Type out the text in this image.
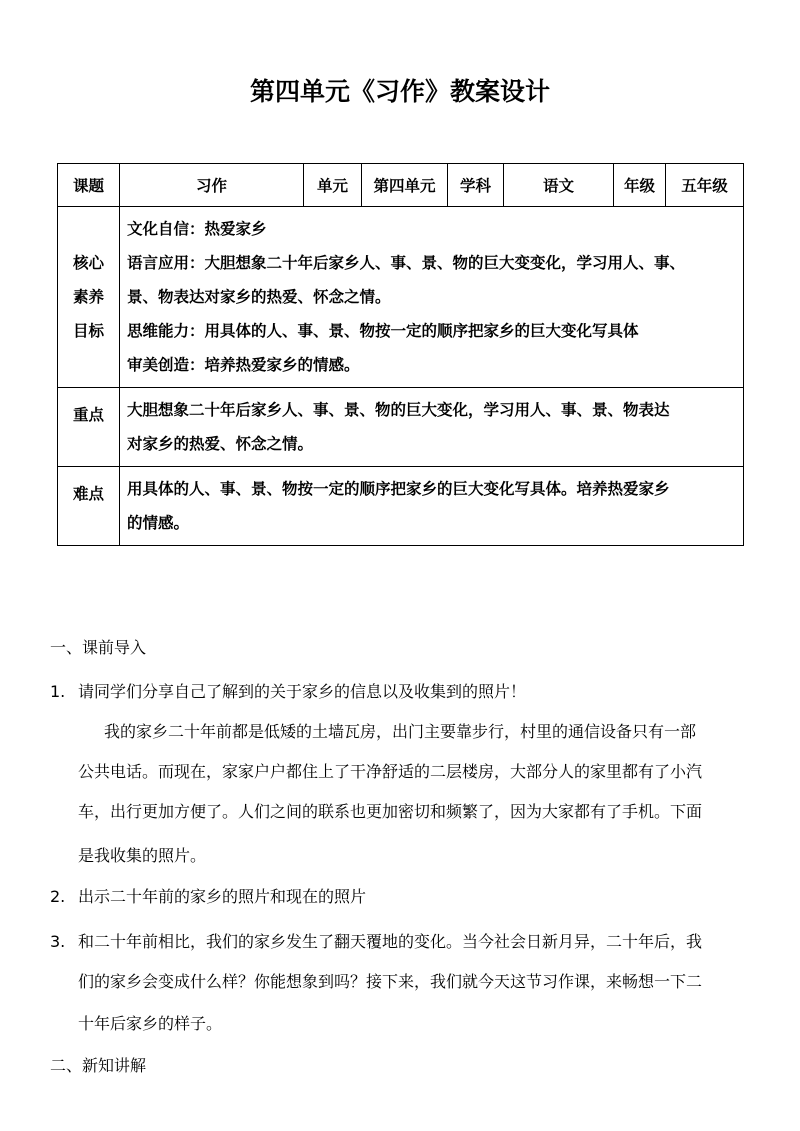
第四单元《习作》教案设计
课题	习作	单元	第四单元	学科	语文	年级	五年级

核心
素养
目标	文化自信：热爱家乡
语言应用：大胆想象二十年后家乡人、事、景、物的巨大变变化，学习用人、事、
景、物表达对家乡的热爱、怀念之情。
思维能力：用具体的人、事、景、物按一定的顺序把家乡的巨大变化写具体
审美创造：培养热爱家乡的情感。						

重点	大胆想象二十年后家乡人、事、景、物的巨大变化，学习用人、事、景、物表达
对家乡的热爱、怀念之情。						

难点	用具体的人、事、景、物按一定的顺序把家乡的巨大变化写具体。培养热爱家乡
的情感。						
一、课前导入
1. 请同学们分享自己了解到的关于家乡的信息以及收集到的照片！
我的家乡二十年前都是低矮的土墙瓦房，出门主要靠步行，村里的通信设备只有一部
公共电话。而现在，家家户户都住上了干净舒适的二层楼房，大部分人的家里都有了小汽
车，出行更加方便了。人们之间的联系也更加密切和频繁了，因为大家都有了手机。下面
是我收集的照片。
2. 出示二十年前的家乡的照片和现在的照片
3. 和二十年前相比，我们的家乡发生了翻天覆地的变化。当今社会日新月异，二十年后，我
们的家乡会变成什么样？你能想象到吗？接下来，我们就今天这节习作课，来畅想一下二
十年后家乡的样子。
二、新知讲解
